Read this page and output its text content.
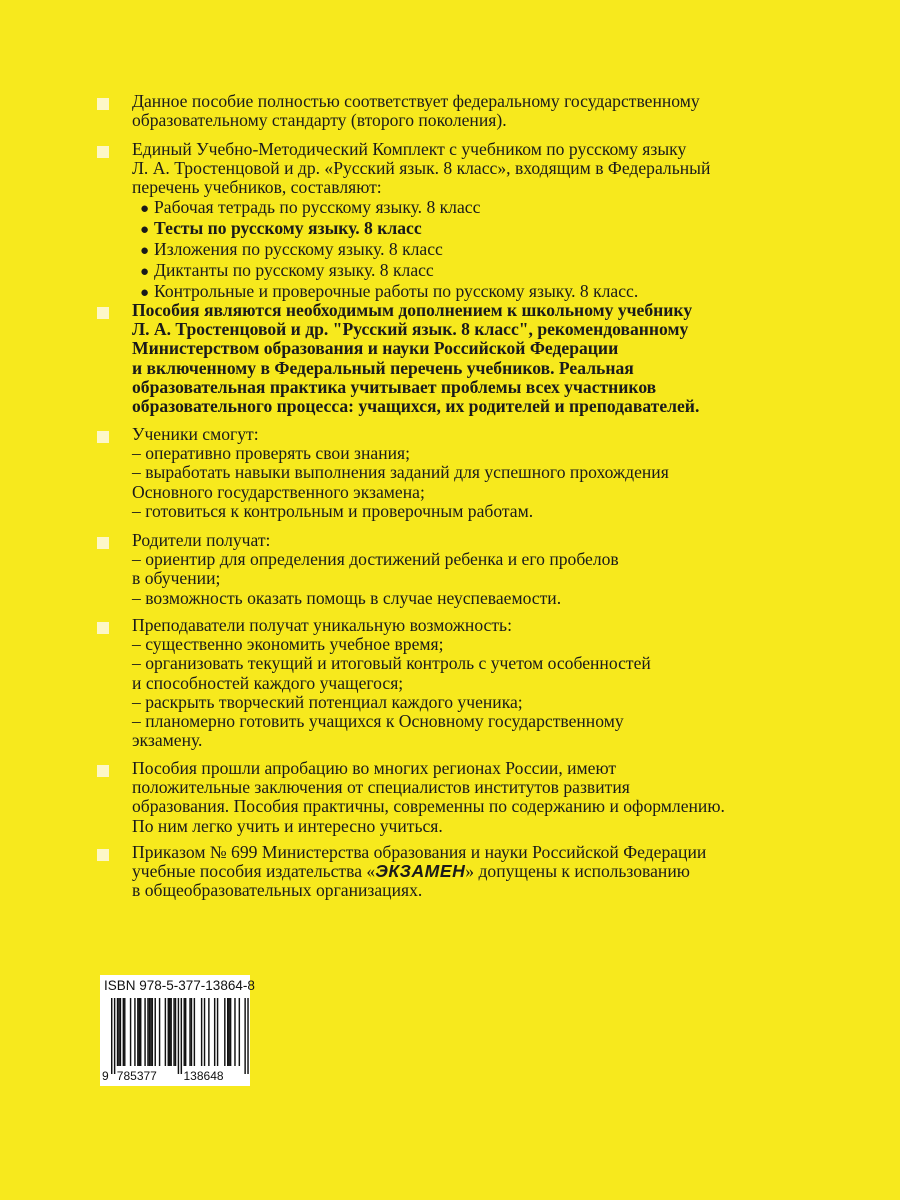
Данное пособие полностью соответствует федеральному государственному
образовательному стандарту (второго поколения).
Единый Учебно-Методический Комплект с учебником по русскому языку
Л. А. Тростенцовой и др. «Русский язык. 8 класс», входящим в Федеральный
перечень учебников, составляют:
● Рабочая тетрадь по русскому языку. 8 класс
● Тесты по русскому языку. 8 класс
● Изложения по русскому языку. 8 класс
● Диктанты по русскому языку. 8 класс
● Контрольные и проверочные работы по русскому языку. 8 класс.
Пособия являются необходимым дополнением к школьному учебнику
Л. А. Тростенцовой и др. "Русский язык. 8 класс", рекомендованному
Министерством образования и науки Российской Федерации
и включенному в Федеральный перечень учебников. Реальная
образовательная практика учитывает проблемы всех участников
образовательного процесса: учащихся, их родителей и преподавателей.
Ученики смогут:
– оперативно проверять свои знания;
– выработать навыки выполнения заданий для успешного прохождения
Основного государственного экзамена;
– готовиться к контрольным и проверочным работам.
Родители получат:
– ориентир для определения достижений ребенка и его пробелов
в обучении;
– возможность оказать помощь в случае неуспеваемости.
Преподаватели получат уникальную возможность:
– существенно экономить учебное время;
– организовать текущий и итоговый контроль с учетом особенностей
и способностей каждого учащегося;
– раскрыть творческий потенциал каждого ученика;
– планомерно готовить учащихся к Основному государственному
экзамену.
Пособия прошли апробацию во многих регионах России, имеют
положительные заключения от специалистов институтов развития
образования. Пособия практичны, современны по содержанию и оформлению.
По ним легко учить и интересно учиться.
Приказом № 699 Министерства образования и науки Российской Федерации
учебные пособия издательства «ЭКЗАМЕН» допущены к использованию
в общеобразовательных организациях.
ISBN 978-5-377-13864-8
9 785377 138648
